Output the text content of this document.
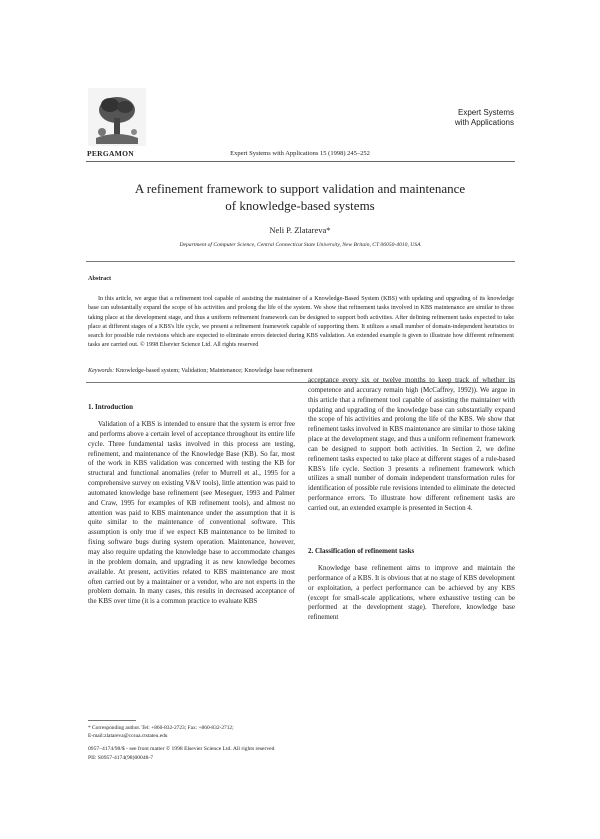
PERGAMON	Expert Systems with Applications 15 (1998) 245–252
Expert Systems
with Applications
A refinement framework to support validation and maintenance
of knowledge-based systems
Neli P. Zlatareva*
Department of Computer Science, Central Connecticut State University, New Britain, CT 06050-4010, USA
Abstract
In this article, we argue that a refinement tool capable of assisting the maintainer of a Knowledge-Based System (KBS) with updating and upgrading of its knowledge base can substantially expand the scope of his activities and prolong the life of the system. We show that refinement tasks involved in KBS maintenance are similar to those taking place at the development stage, and thus a uniform refinement framework can be designed to support both activities. After defining refinement tasks expected to take place at different stages of a KBS's life cycle, we present a refinement framework capable of supporting them. It utilizes a small number of domain-independent heuristics to search for possible rule revisions which are expected to eliminate errors detected during KBS validation. An extended example is given to illustrate how different refinement tasks are carried out. © 1998 Elsevier Science Ltd. All rights reserved
Keywords: Knowledge-based system; Validation; Maintenance; Knowledge base refinement
1. Introduction

Validation of a KBS is intended to ensure that the system is error free and performs above a certain level of acceptance throughout its entire life cycle. Three fundamental tasks involved in this process are testing, refinement, and maintenance of the Knowledge Base (KB). So far, most of the work in KBS validation was concerned with testing the KB for structural and functional anomalies (refer to Murrell et al., 1995 for a comprehensive survey on existing V&V tools), little attention was paid to automated knowledge base refinement (see Meseguer, 1993 and Palmer and Craw, 1995 for examples of KB refinement tools), and almost no attention was paid to KBS maintenance under the assumption that it is quite similar to the maintenance of conventional software. This assumption is only true if we expect KB maintenance to be limited to fixing software bugs during system operation. Maintenance, however, may also require updating the knowledge base to accommodate changes in the problem domain, and upgrading it as new knowledge becomes available. At present, activities related to KBS maintenance are most often carried out by a maintainer or a vendor, who are not experts in the problem domain. In many cases, this results in decreased acceptance of the KBS over time (it is a common practice to evaluate KBS

acceptance every six or twelve months to keep track of whether its competence and accuracy remain high (McCaffrey, 1992)). We argue in this article that a refinement tool capable of assisting the maintainer with updating and upgrading of the knowledge base can substantially expand the scope of his activities and prolong the life of the KBS. We show that refinement tasks involved in KBS maintenance are similar to those taking place at the development stage, and thus a uniform refinement framework can be designed to support both activities. In Section 2, we define refinement tasks expected to take place at different stages of a rule-based KBS's life cycle. Section 3 presents a refinement framework which utilizes a small number of domain independent transformation rules for identification of possible rule revisions intended to eliminate the detected performance errors. To illustrate how different refinement tasks are carried out, an extended example is presented in Section 4.

2. Classification of refinement tasks

Knowledge base refinement aims to improve and maintain the performance of a KBS. It is obvious that at no stage of KBS development or exploitation, a perfect performance can be achieved by any KBS (except for small-scale applications, where exhaustive testing can be performed at the development stage). Therefore, knowledge base refinement

* Corresponding author. Tel: +860-832-2723; Fax: +860-832-2712;
E-mail:zlatareva@ccsua.ctstateu.edu
0957–4174/98/$ - see front matter © 1998 Elsevier Science Ltd. All rights reserved
PII: S0957-4174(98)00048-7
